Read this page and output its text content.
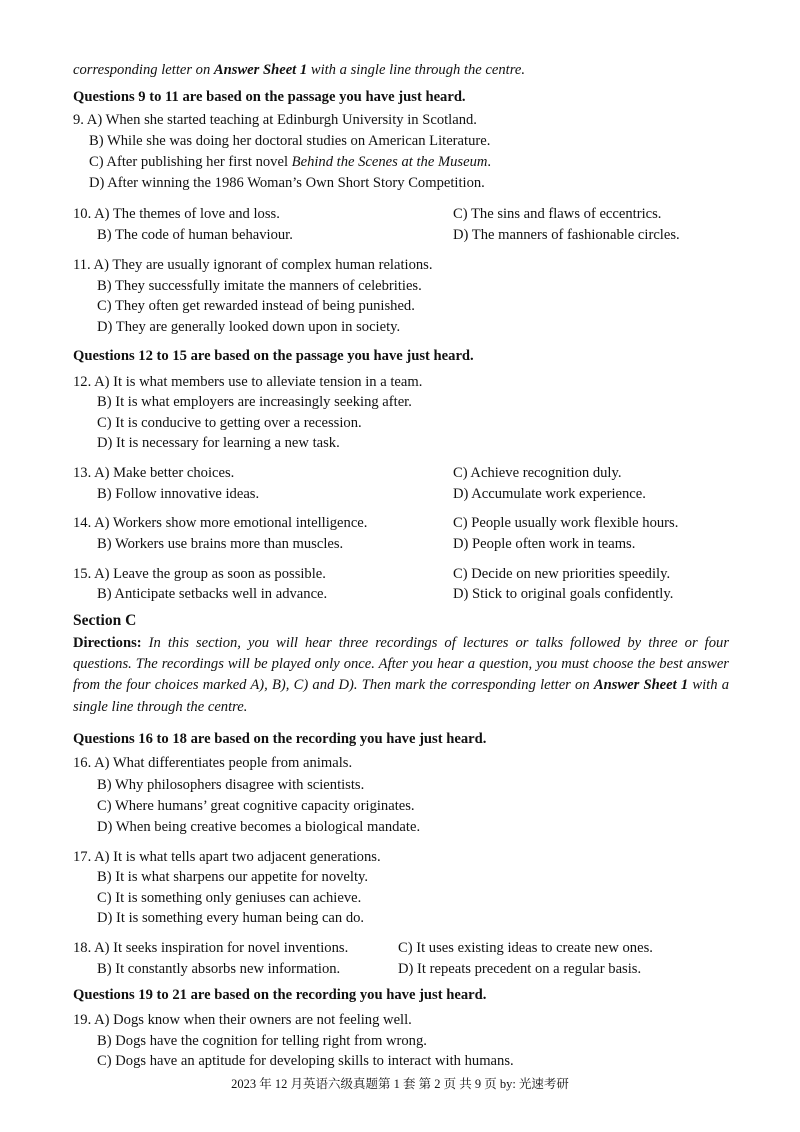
corresponding letter on Answer Sheet 1 with a single line through the centre.
Questions 9 to 11 are based on the passage you have just heard.
9. A) When she started teaching at Edinburgh University in Scotland.
B) While she was doing her doctoral studies on American Literature.
C) After publishing her first novel Behind the Scenes at the Museum.
D) After winning the 1986 Woman’s Own Short Story Competition.
10. A) The themes of love and loss.	C) The sins and flaws of eccentrics.
B) The code of human behaviour.	D) The manners of fashionable circles.
11. A) They are usually ignorant of complex human relations.
B) They successfully imitate the manners of celebrities.
C) They often get rewarded instead of being punished.
D) They are generally looked down upon in society.
Questions 12 to 15 are based on the passage you have just heard.
12. A) It is what members use to alleviate tension in a team.
B) It is what employers are increasingly seeking after.
C) It is conducive to getting over a recession.
D) It is necessary for learning a new task.
13. A) Make better choices.	C) Achieve recognition duly.
B) Follow innovative ideas.	D) Accumulate work experience.
14. A) Workers show more emotional intelligence.	C) People usually work flexible hours.
B) Workers use brains more than muscles.	D) People often work in teams.
15. A) Leave the group as soon as possible.	C) Decide on new priorities speedily.
B) Anticipate setbacks well in advance.	D) Stick to original goals confidently.
Section C
Directions: In this section, you will hear three recordings of lectures or talks followed by three or four questions. The recordings will be played only once. After you hear a question, you must choose the best answer from the four choices marked A), B), C) and D). Then mark the corresponding letter on Answer Sheet 1 with a single line through the centre.
Questions 16 to 18 are based on the recording you have just heard.
16. A) What differentiates people from animals.
B) Why philosophers disagree with scientists.
C) Where humans’ great cognitive capacity originates.
D) When being creative becomes a biological mandate.
17. A) It is what tells apart two adjacent generations.
B) It is what sharpens our appetite for novelty.
C) It is something only geniuses can achieve.
D) It is something every human being can do.
18. A) It seeks inspiration for novel inventions.	C) It uses existing ideas to create new ones.
B) It constantly absorbs new information.	D) It repeats precedent on a regular basis.
Questions 19 to 21 are based on the recording you have just heard.
19. A) Dogs know when their owners are not feeling well.
B) Dogs have the cognition for telling right from wrong.
C) Dogs have an aptitude for developing skills to interact with humans.
2023 年 12 月英语六级真题第 1 套 第 2 页 共 9 页 by: 光速考研
